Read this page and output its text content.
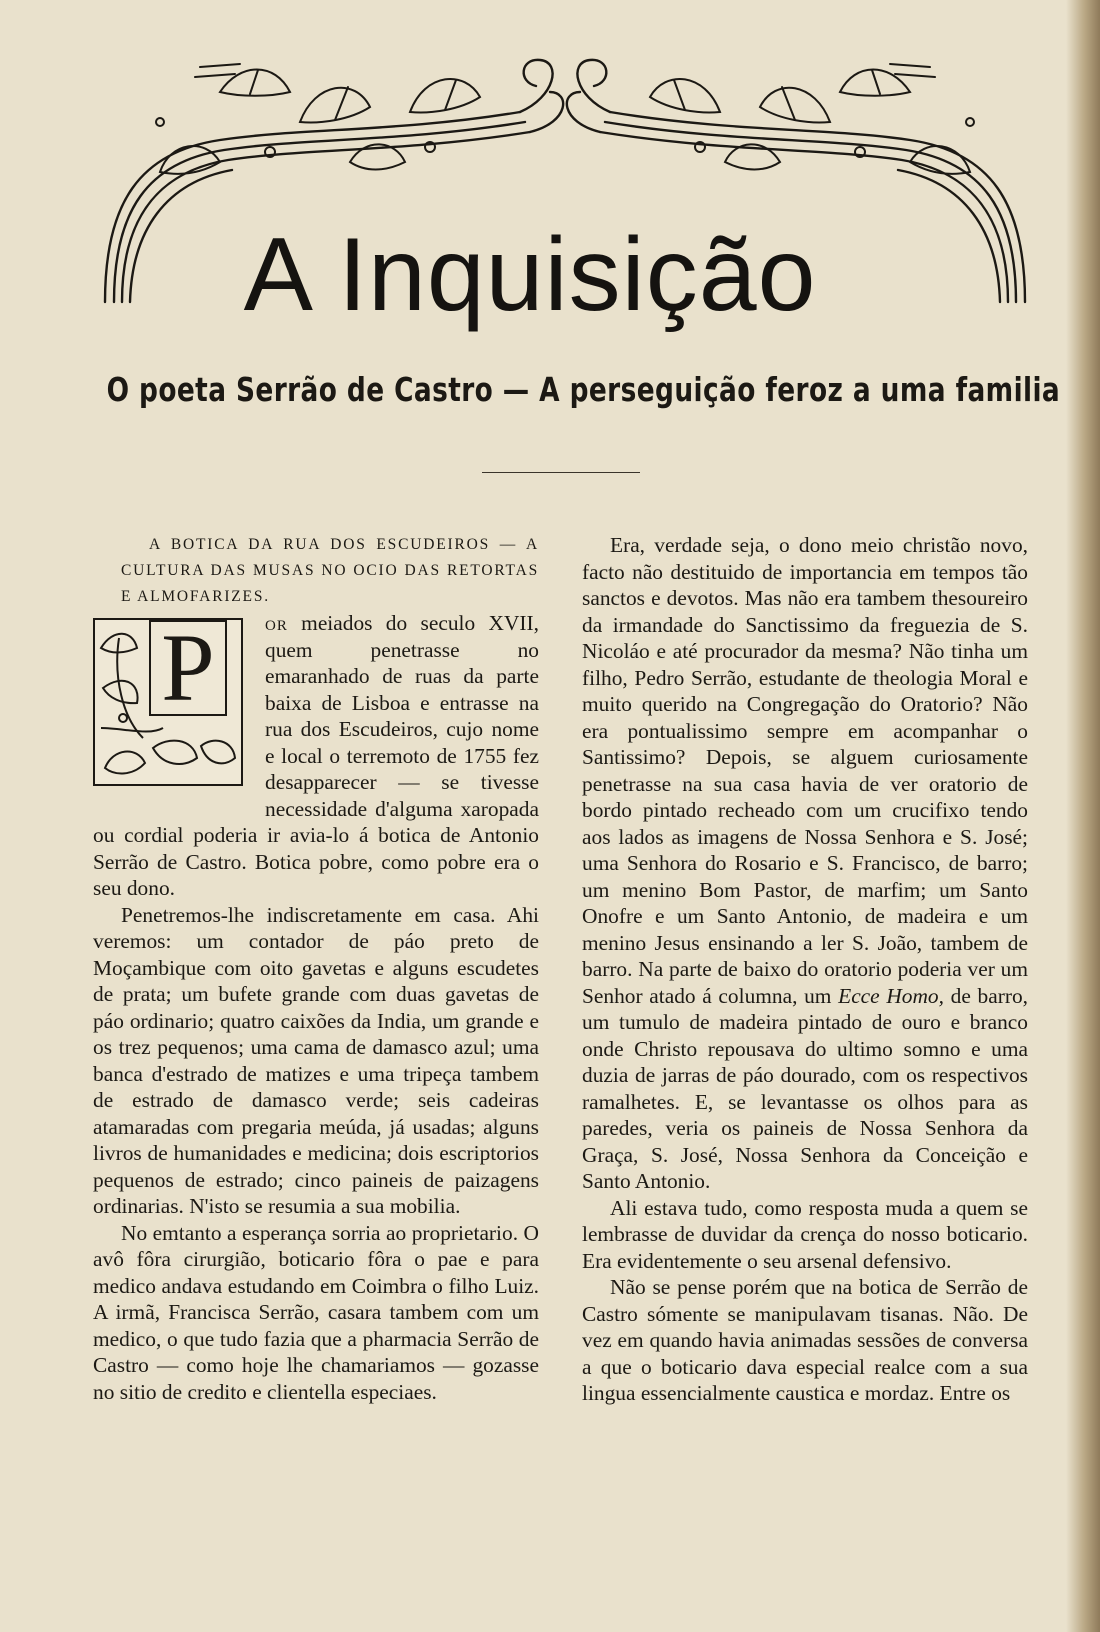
A Inquisição
O poeta Serrão de Castro — A perseguição feroz a uma familia

A BOTICA DA RUA DOS ESCUDEIROS — A CULTURA DAS MUSAS NO OCIO DAS RETORTAS E ALMOFARIZES.

P	or meiados do seculo XVII, quem penetrasse no emaranhado de ruas da parte baixa de Lisboa e entrasse na rua dos Escudeiros, cujo nome e local o terremoto de 1755 fez desapparecer — se tivesse necessidade d'alguma xaropada ou cordial poderia ir avia-lo á botica de Antonio Serrão de Castro. Botica pobre, como pobre era o seu dono.

Penetremos-lhe indiscretamente em casa. Ahi veremos: um contador de páo preto de Moçambique com oito gavetas e alguns escudetes de prata; um bufete grande com duas gavetas de páo ordinario; quatro caixões da India, um grande e os trez pequenos; uma cama de damasco azul; uma banca d'estrado de matizes e uma tripeça tambem de estrado de damasco verde; seis cadeiras atamaradas com pregaria meúda, já usadas; alguns livros de humanidades e medicina; dois escriptorios pequenos de estrado; cinco paineis de paizagens ordinarias. N'isto se resumia a sua mobilia.

No emtanto a esperança sorria ao proprietario. O avô fôra cirurgião, boticario fôra o pae e para medico andava estudando em Coimbra o filho Luiz. A irmã, Francisca Serrão, casara tambem com um medico, o que tudo fazia que a pharmacia Serrão de Castro — como hoje lhe chamariamos — gozasse no sitio de credito e clientella especiaes.

Era, verdade seja, o dono meio christão novo, facto não destituido de importancia em tempos tão sanctos e devotos. Mas não era tambem thesoureiro da irmandade do Sanctissimo da freguezia de S. Nicoláo e até procurador da mesma? Não tinha um filho, Pedro Serrão, estudante de theologia Moral e muito querido na Congregação do Oratorio? Não era pontualissimo sempre em acompanhar o Santissimo? Depois, se alguem curiosamente penetrasse na sua casa havia de ver oratorio de bordo pintado recheado com um crucifixo tendo aos lados as imagens de Nossa Senhora e S. José; uma Senhora do Rosario e S. Francisco, de barro; um menino Bom Pastor, de marfim; um Santo Onofre e um Santo Antonio, de madeira e um menino Jesus ensinando a ler S. João, tambem de barro. Na parte de baixo do oratorio poderia ver um Senhor atado á columna, um Ecce Homo, de barro, um tumulo de madeira pintado de ouro e branco onde Christo repousava do ultimo somno e uma duzia de jarras de páo dourado, com os respectivos ramalhetes. E, se levantasse os olhos para as paredes, veria os paineis de Nossa Senhora da Graça, S. José, Nossa Senhora da Conceição e Santo Antonio.

Ali estava tudo, como resposta muda a quem se lembrasse de duvidar da crença do nosso boticario. Era evidentemente o seu arsenal defensivo.

Não se pense porém que na botica de Serrão de Castro sómente se manipulavam tisanas. Não. De vez em quando havia animadas sessões de conversa a que o boticario dava especial realce com a sua lingua essencialmente caustica e mordaz. Entre os
